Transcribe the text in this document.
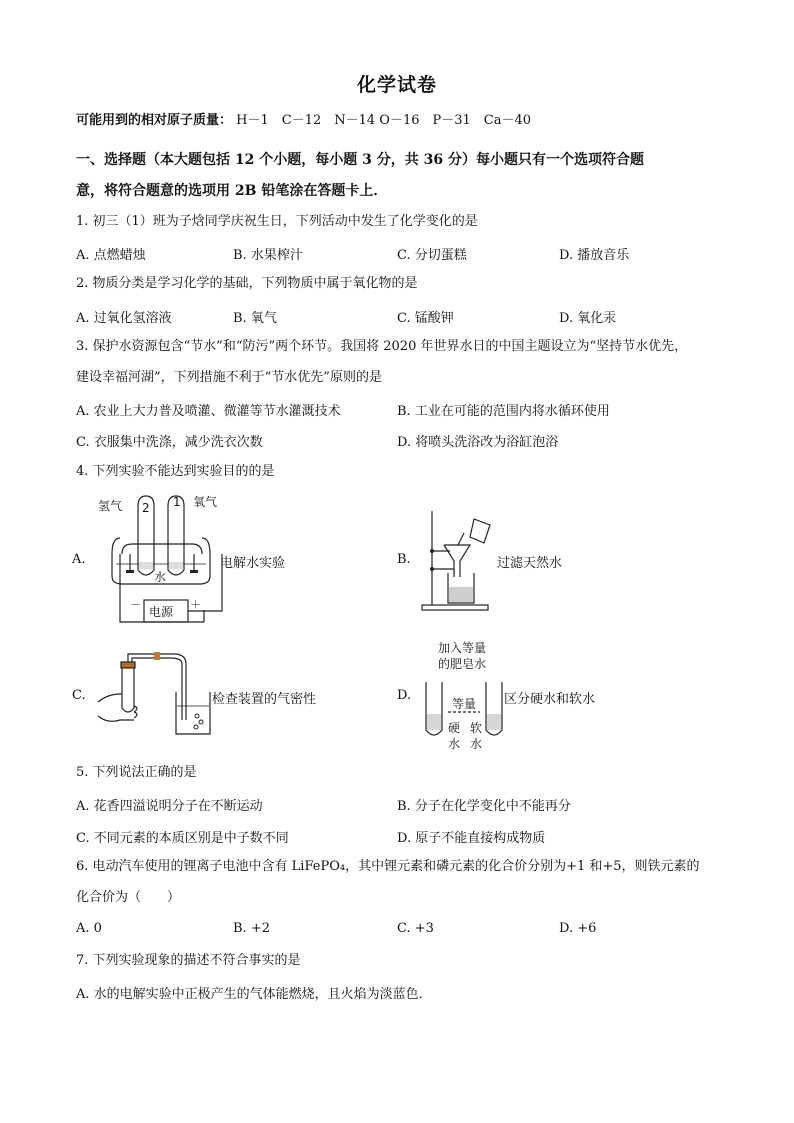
化学试卷
可能用到的相对原子质量： H－1　C－12　N－14 O－16　P－31　Ca－40
一、选择题（本大题包括 12 个小题，每小题 3 分，共 36 分）每小题只有一个选项符合题
意，将符合题意的选项用 2B 铅笔涂在答题卡上．
1. 初三（1）班为子焓同学庆祝生日，下列活动中发生了化学变化的是
A. 点燃蜡烛	B. 水果榨汁	C. 分切蛋糕	D. 播放音乐
2. 物质分类是学习化学的基础，下列物质中属于氧化物的是
A. 过氧化氢溶液	B. 氧气	C. 锰酸钾	D. 氧化汞
3. 保护水资源包含“节水”和“防污”两个环节。我国将 2020 年世界水日的中国主题设立为“坚持节水优先，
建设幸福河湖”，下列措施不利于“节水优先”原则的是
A. 农业上大力普及喷灌、微灌等节水灌溉技术	B. 工业在可能的范围内将水循环使用
C. 衣服集中洗涤，减少洗衣次数	D. 将喷头洗浴改为浴缸泡浴
4. 下列实验不能达到实验目的的是
A.
氢气	氧气
2 1
水
电源
－	＋
电解水实验	B.	过滤天然水
C.	检查装置的气密性	D.
加入等量
的肥皂水
等量
硬
水
软
水
区分硬水和软水
5. 下列说法正确的是
A. 花香四溢说明分子在不断运动	B. 分子在化学变化中不能再分
C. 不同元素的本质区别是中子数不同	D. 原子不能直接构成物质
6. 电动汽车使用的锂离子电池中含有 LiFePO₄，其中锂元素和磷元素的化合价分别为+1 和+5，则铁元素的
化合价为（　　）
A. 0	B. +2	C. +3	D. +6
7. 下列实验现象的描述不符合事实的是
A. 水的电解实验中正极产生的气体能燃烧，且火焰为淡蓝色．
